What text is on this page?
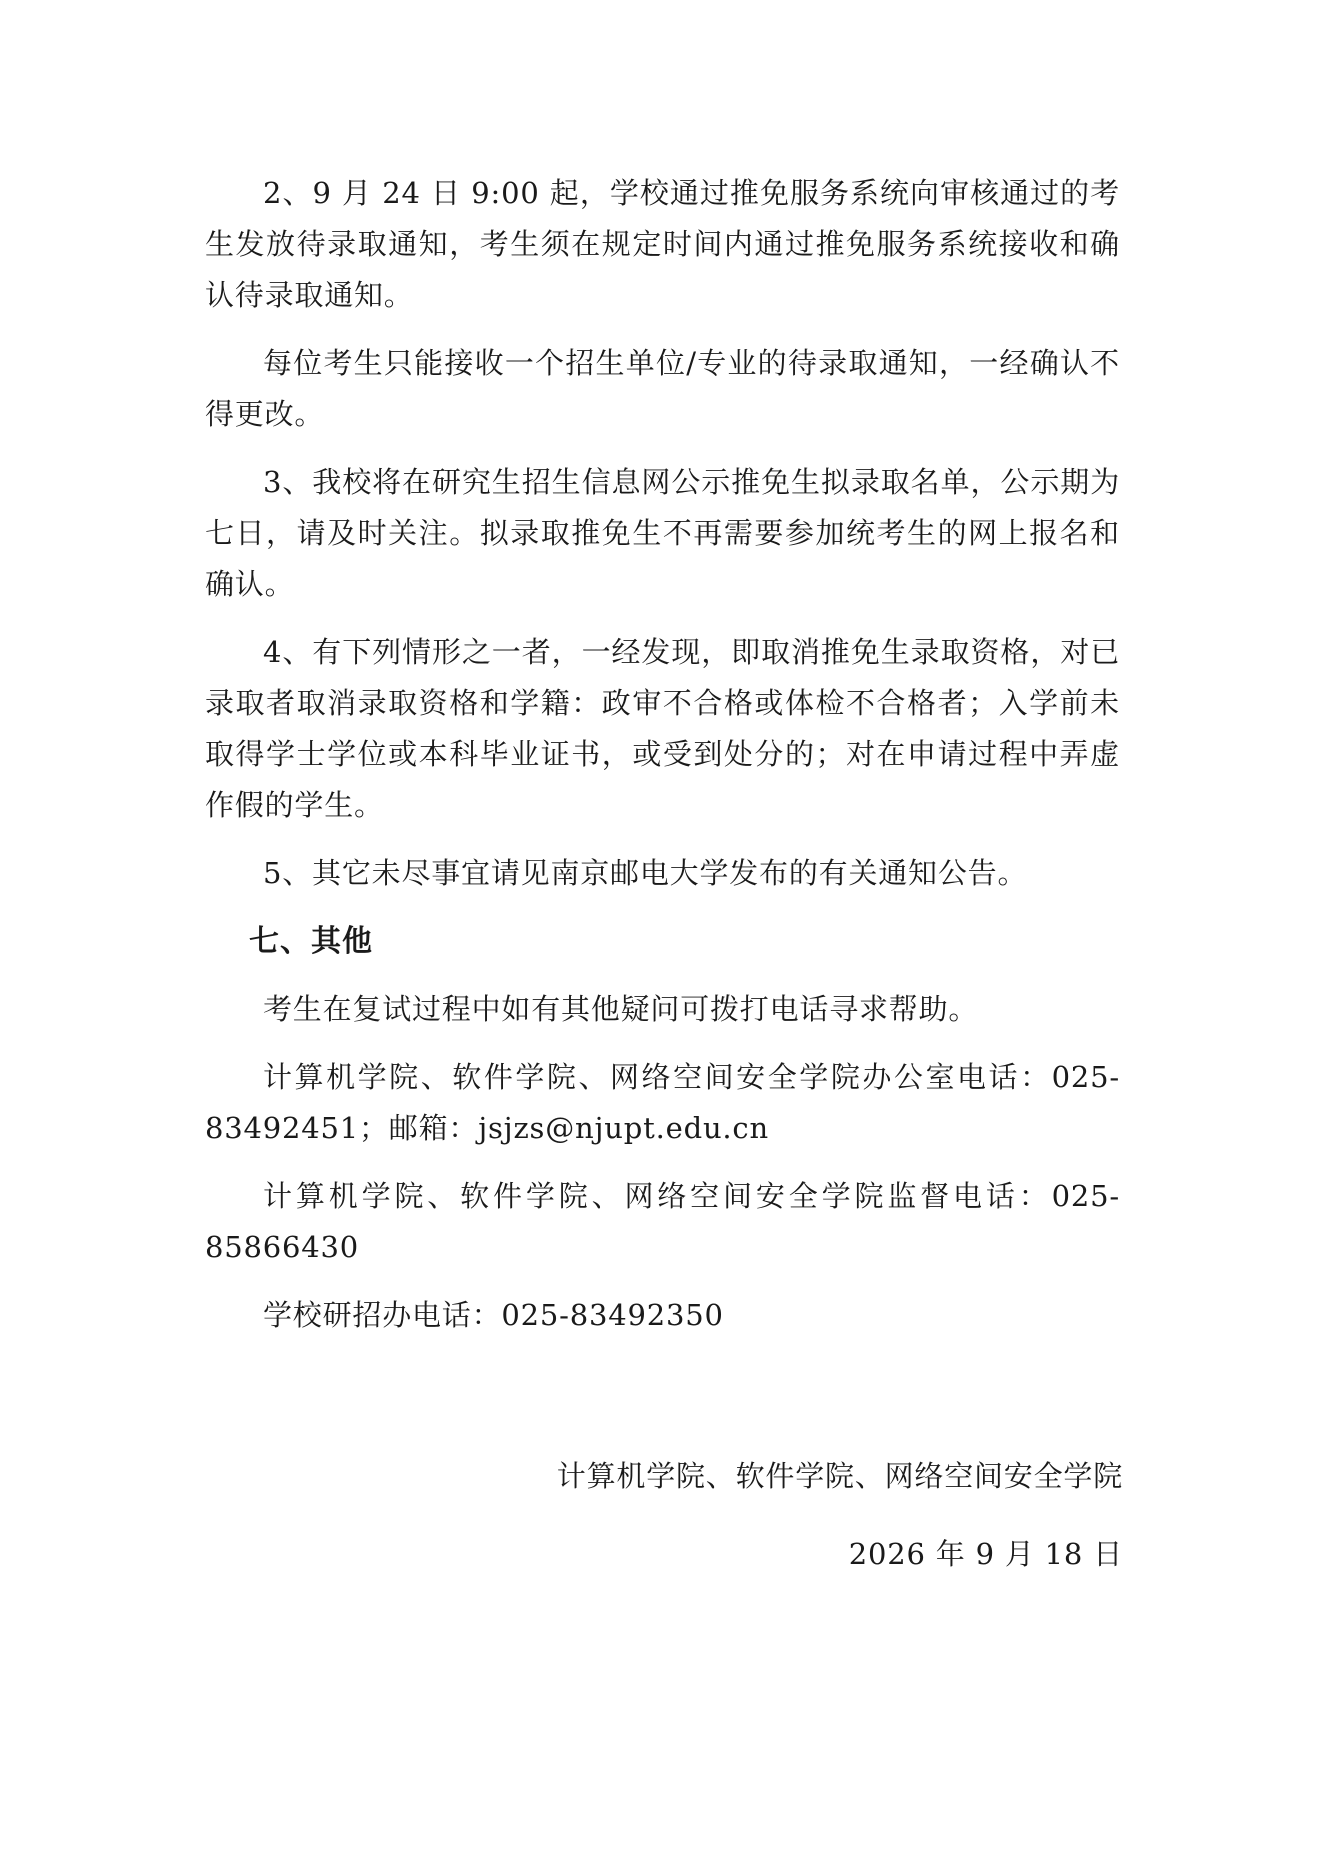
2、9 月 24 日 9:00 起，学校通过推免服务系统向审核通过的考生发放待录取通知，考生须在规定时间内通过推免服务系统接收和确认待录取通知。

每位考生只能接收一个招生单位/专业的待录取通知，一经确认不得更改。

3、我校将在研究生招生信息网公示推免生拟录取名单，公示期为七日，请及时关注。拟录取推免生不再需要参加统考生的网上报名和确认。

4、有下列情形之一者，一经发现，即取消推免生录取资格，对已录取者取消录取资格和学籍：政审不合格或体检不合格者；入学前未取得学士学位或本科毕业证书，或受到处分的；对在申请过程中弄虚作假的学生。

5、其它未尽事宜请见南京邮电大学发布的有关通知公告。

七、其他

考生在复试过程中如有其他疑问可拨打电话寻求帮助。

计算机学院、软件学院、网络空间安全学院办公室电话：025-83492451；邮箱：jsjzs@njupt.edu.cn

计算机学院、软件学院、网络空间安全学院监督电话：025-85866430

学校研招办电话：025-83492350

计算机学院、软件学院、网络空间安全学院
2026 年 9 月 18 日
